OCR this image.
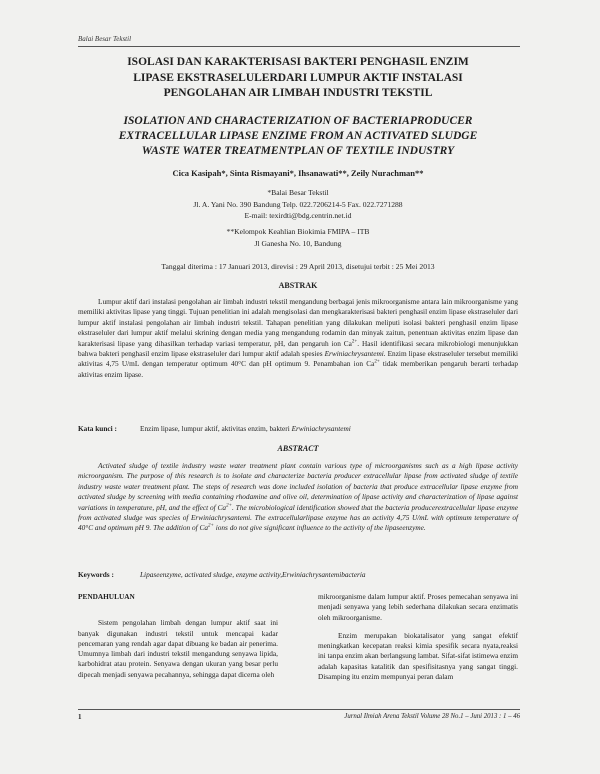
Balai Besar Tekstil
ISOLASI DAN KARAKTERISASI BAKTERI PENGHASIL ENZIM
LIPASE EKSTRASELULERDARI LUMPUR AKTIF INSTALASI
PENGOLAHAN AIR LIMBAH INDUSTRI TEKSTIL
ISOLATION AND CHARACTERIZATION OF BACTERIAPRODUCER
EXTRACELLULAR LIPASE ENZIME FROM AN ACTIVATED SLUDGE
WASTE WATER TREATMENTPLAN OF TEXTILE INDUSTRY
Cica Kasipah*, Sinta Rismayani*, Ihsanawati**, Zeily Nurachman**
*Balai Besar Tekstil
Jl. A. Yani No. 390 Bandung Telp. 022.7206214-5 Fax. 022.7271288
E-mail: texirdti@bdg.centrin.net.id
**Kelompok Keahlian Biokimia FMIPA – ITB
Jl Ganesha No. 10, Bandung
Tanggal diterima : 17 Januari 2013, direvisi : 29 April 2013, disetujui terbit : 25 Mei 2013
ABSTRAK

Lumpur aktif dari instalasi pengolahan air limbah industri tekstil mengandung berbagai jenis mikroorganisme antara lain mikroorganisme yang memiliki aktivitas lipase yang tinggi. Tujuan penelitian ini adalah mengisolasi dan mengkarakterisasi bakteri penghasil enzim lipase ekstraseluler dari lumpur aktif instalasi pengolahan air limbah industri tekstil. Tahapan penelitian yang dilakukan meliputi isolasi bakteri penghasil enzim lipase ekstraseluler dari lumpur aktif melalui skrining dengan media yang mengandung rodamin dan minyak zaitun, penentuan aktivitas enzim lipase dan karakterisasi lipase yang dihasilkan terhadap variasi temperatur, pH, dan pengaruh ion $Ca^{2+}$. Hasil identifikasi secara mikrobiologi menunjukkan bahwa bakteri penghasil enzim lipase ekstraseluler dari lumpur aktif adalah spesies Erwiniachrysantemi. Enzim lipase ekstraseluler tersebut memiliki aktivitas 4,75 U/mL dengan temperatur optimum 40°C dan pH optimum 9. Penambahan ion $Ca^{2+}$ tidak memberikan pengaruh berarti terhadap aktivitas enzim lipase.

Kata kunci :	Enzim lipase, lumpur aktif, aktivitas enzim, bakteri Erwiniachrysantemi
ABSTRACT

Activated sludge of textile industry waste water treatment plant contain various type of microorganisms such as a high lipase activity microorganism. The purpose of this research is to isolate and characterize bacteria producer extracellular lipase from activated sludge of textile industry waste water treatment plant. The steps of research was done included isolation of bacteria that produce extracellular lipase enzyme from activated sludge by screening with media containing rhodamine and olive oil, determination of lipase activity and characterization of lipase against variations in temperature, pH, and the effect of $Ca^{2+}$. The microbiological identification showed that the bacteria producerextracellular lipase enzyme from activated sludge was species of Erwiniachrysantemi. The extracellularlipase enzyme has an activity 4,75 U/mL with optimum temperature of 40°C and optimum pH 9. The addition of $Ca^{2+}$ ions do not give significant influence to the activity of the lipaseenzyme.

Keywords :	Lipaseenzyme, activated sludge, enzyme activity,Erwiniachrysantemibacteria

PENDAHULUAN

Sistem pengolahan limbah dengan lumpur aktif saat ini banyak digunakan industri tekstil untuk mencapai kadar pencemaran yang rendah agar dapat dibuang ke badan air penerima. Umumnya limbah dari industri tekstil mengandung senyawa lipida, karbohidrat atau protein. Senyawa dengan ukuran yang besar perlu dipecah menjadi senyawa pecahannya, sehingga dapat dicerna oleh

mikroorganisme dalam lumpur aktif. Proses pemecahan senyawa ini menjadi senyawa yang lebih sederhana dilakukan secara enzimatis oleh mikroorganisme.

Enzim merupakan biokatalisator yang sangat efektif meningkatkan kecepatan reaksi kimia spesifik secara nyata,reaksi ini tanpa enzim akan berlangsung lambat. Sifat-sifat istimewa enzim adalah kapasitas katalitik dan spesifisitasnya yang sangat tinggi. Disamping itu enzim mempunyai peran dalam

1	Jurnal Ilmiah Arena Tekstil Volume 28 No.1 – Juni 2013 : 1 – 46
